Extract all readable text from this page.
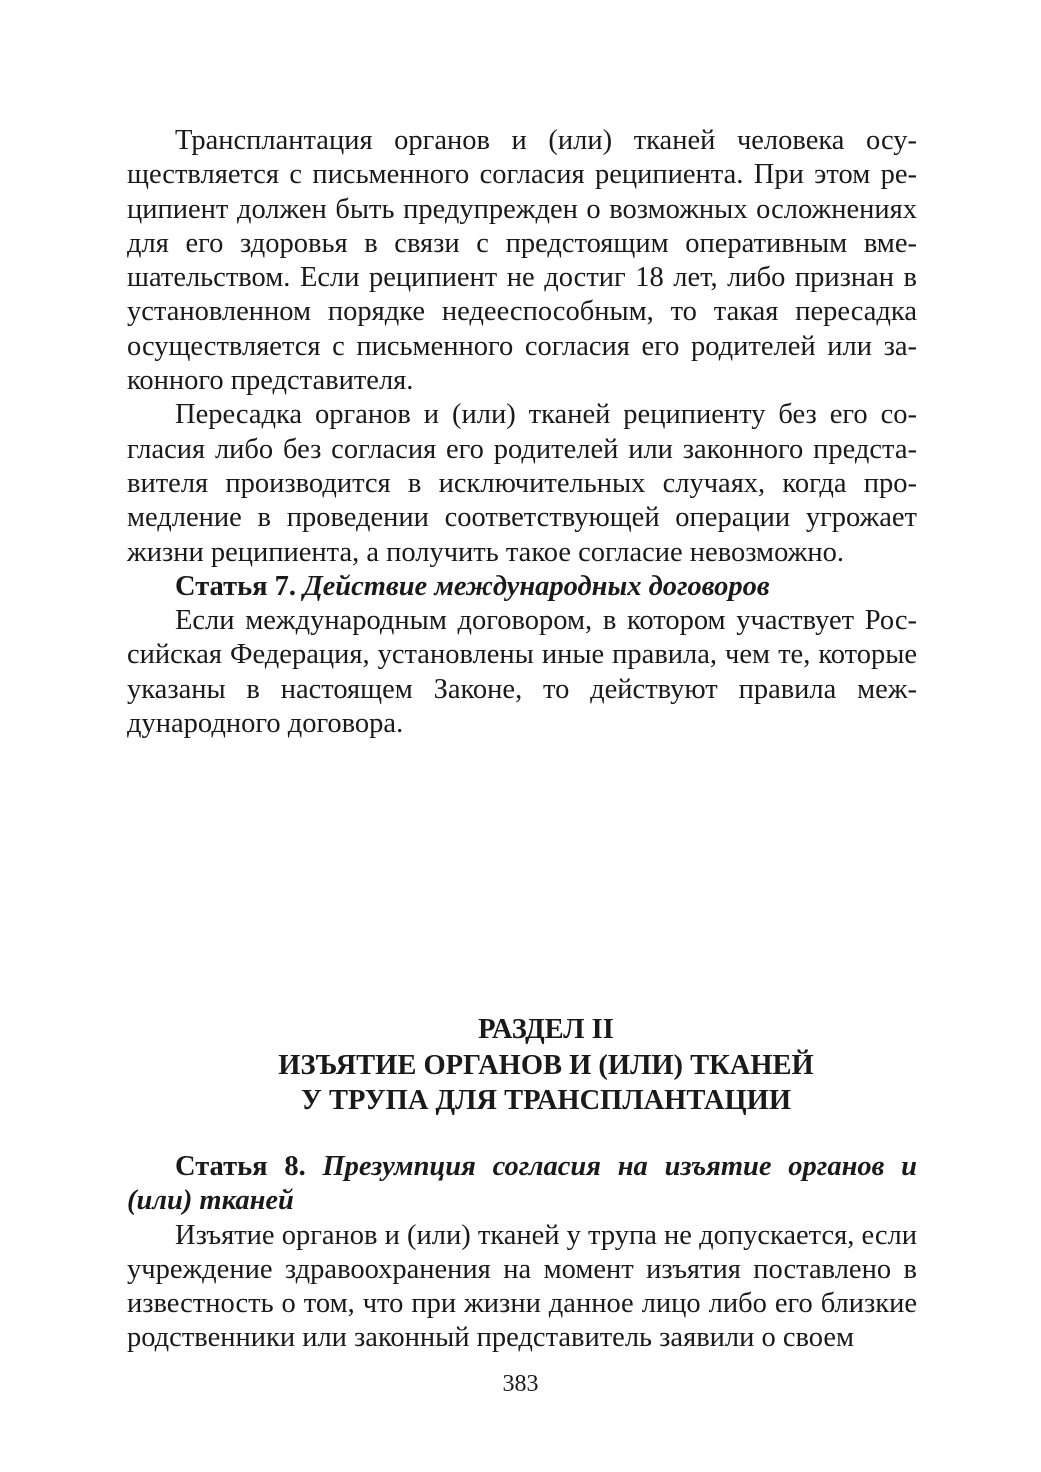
Трансплантация органов и (или) тканей человека осуществляется с письменного согласия реципиента. При этом реципиент должен быть предупрежден о возможных осложнениях для его здоровья в связи с предстоящим оперативным вмешательством. Если реципиент не достиг 18 лет, либо признан в установленном порядке недееспособным, то такая пересадка осуществляется с письменного согласия его родителей или законного представителя.

Пересадка органов и (или) тканей реципиенту без его согласия либо без согласия его родителей или законного представителя производится в исключительных случаях, когда промедление в проведении соответствующей операции угрожает жизни реципиента, а получить такое согласие невозможно.

Статья 7. Действие международных договоров

Если международным договором, в котором участвует Российская Федерация, установлены иные правила, чем те, которые указаны в настоящем Законе, то действуют правила международного договора.

РАЗДЕЛ II
ИЗЪЯТИЕ ОРГАНОВ И (ИЛИ) ТКАНЕЙ
У ТРУПА ДЛЯ ТРАНСПЛАНТАЦИИ
Статья 8. Презумпция согласия на изъятие органов и (или) тканей

Изъятие органов и (или) тканей у трупа не допускается, если учреждение здравоохранения на момент изъятия поставлено в известность о том, что при жизни данное лицо либо его близкие родственники или законный представитель заявили о своем

383
